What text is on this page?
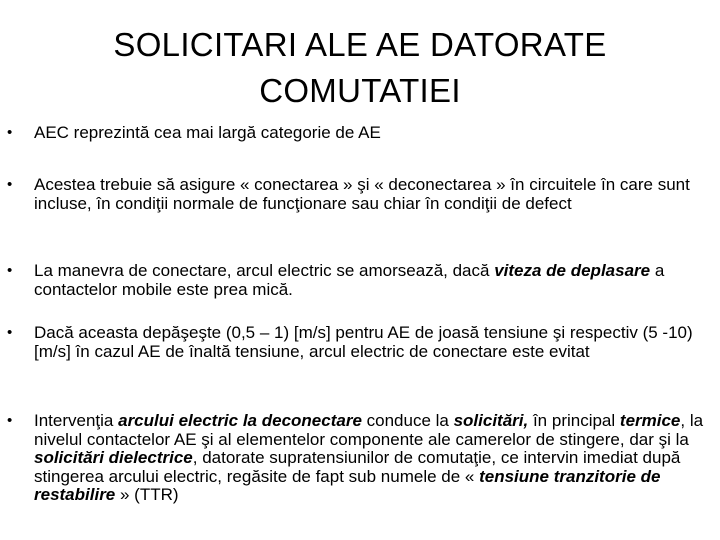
SOLICITARI ALE AE DATORATE
COMUTATIEI
• AEC reprezintă cea mai largă categorie de AE
• Acestea trebuie să asigure « conectarea » şi « deconectarea » în circuitele în care sunt incluse, în condiţii normale de funcţionare sau chiar în condiţii de defect
• La manevra de conectare, arcul electric se amorsează, dacă viteza de deplasare a contactelor mobile este prea mică.
• Dacă aceasta depăşeşte (0,5 – 1) [m/s] pentru AE de joasă tensiune şi respectiv (5 -10) [m/s] în cazul AE de înaltă tensiune, arcul electric de conectare este evitat
• Intervenţia arcului electric la deconectare conduce la solicitări, în principal termice, la nivelul contactelor AE şi al elementelor componente ale camerelor de stingere, dar şi la solicitări dielectrice, datorate supratensiunilor de comutaţie, ce intervin imediat după stingerea arcului electric, regăsite de fapt sub numele de « tensiune tranzitorie de restabilire » (TTR)
